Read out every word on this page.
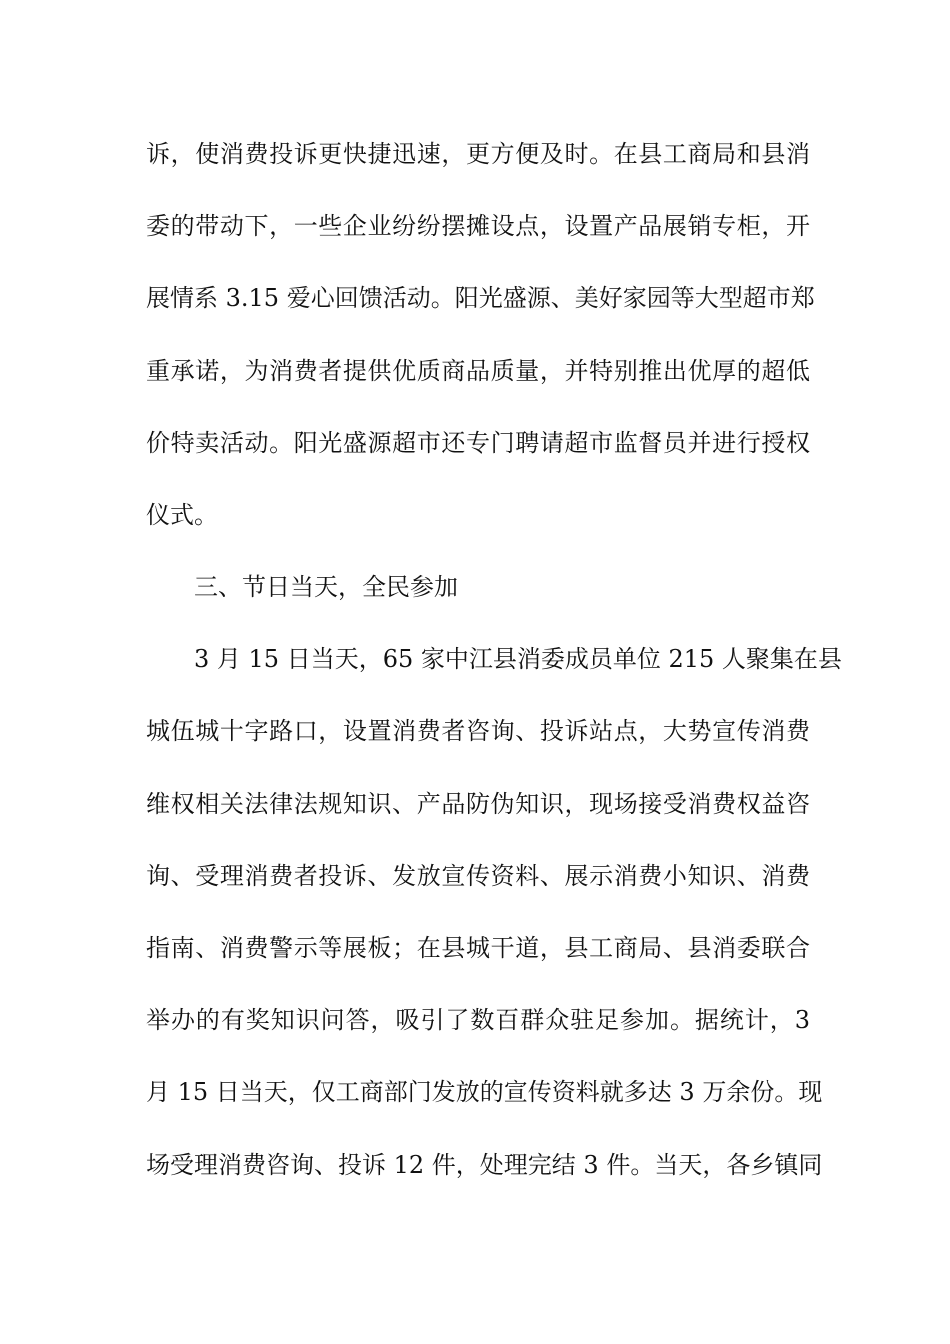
诉，使消费投诉更快捷迅速，更方便及时。在县工商局和县消
委的带动下，一些企业纷纷摆摊设点，设置产品展销专柜，开
展情系 3.15 爱心回馈活动。阳光盛源、美好家园等大型超市郑
重承诺，为消费者提供优质商品质量，并特别推出优厚的超低
价特卖活动。阳光盛源超市还专门聘请超市监督员并进行授权
仪式。
三、节日当天，全民参加
3 月 15 日当天，65 家中江县消委成员单位 215 人聚集在县
城伍城十字路口，设置消费者咨询、投诉站点，大势宣传消费
维权相关法律法规知识、产品防伪知识，现场接受消费权益咨
询、受理消费者投诉、发放宣传资料、展示消费小知识、消费
指南、消费警示等展板；在县城干道，县工商局、县消委联合
举办的有奖知识问答，吸引了数百群众驻足参加。据统计，3
月 15 日当天，仅工商部门发放的宣传资料就多达 3 万余份。现
场受理消费咨询、投诉 12 件，处理完结 3 件。当天，各乡镇同
